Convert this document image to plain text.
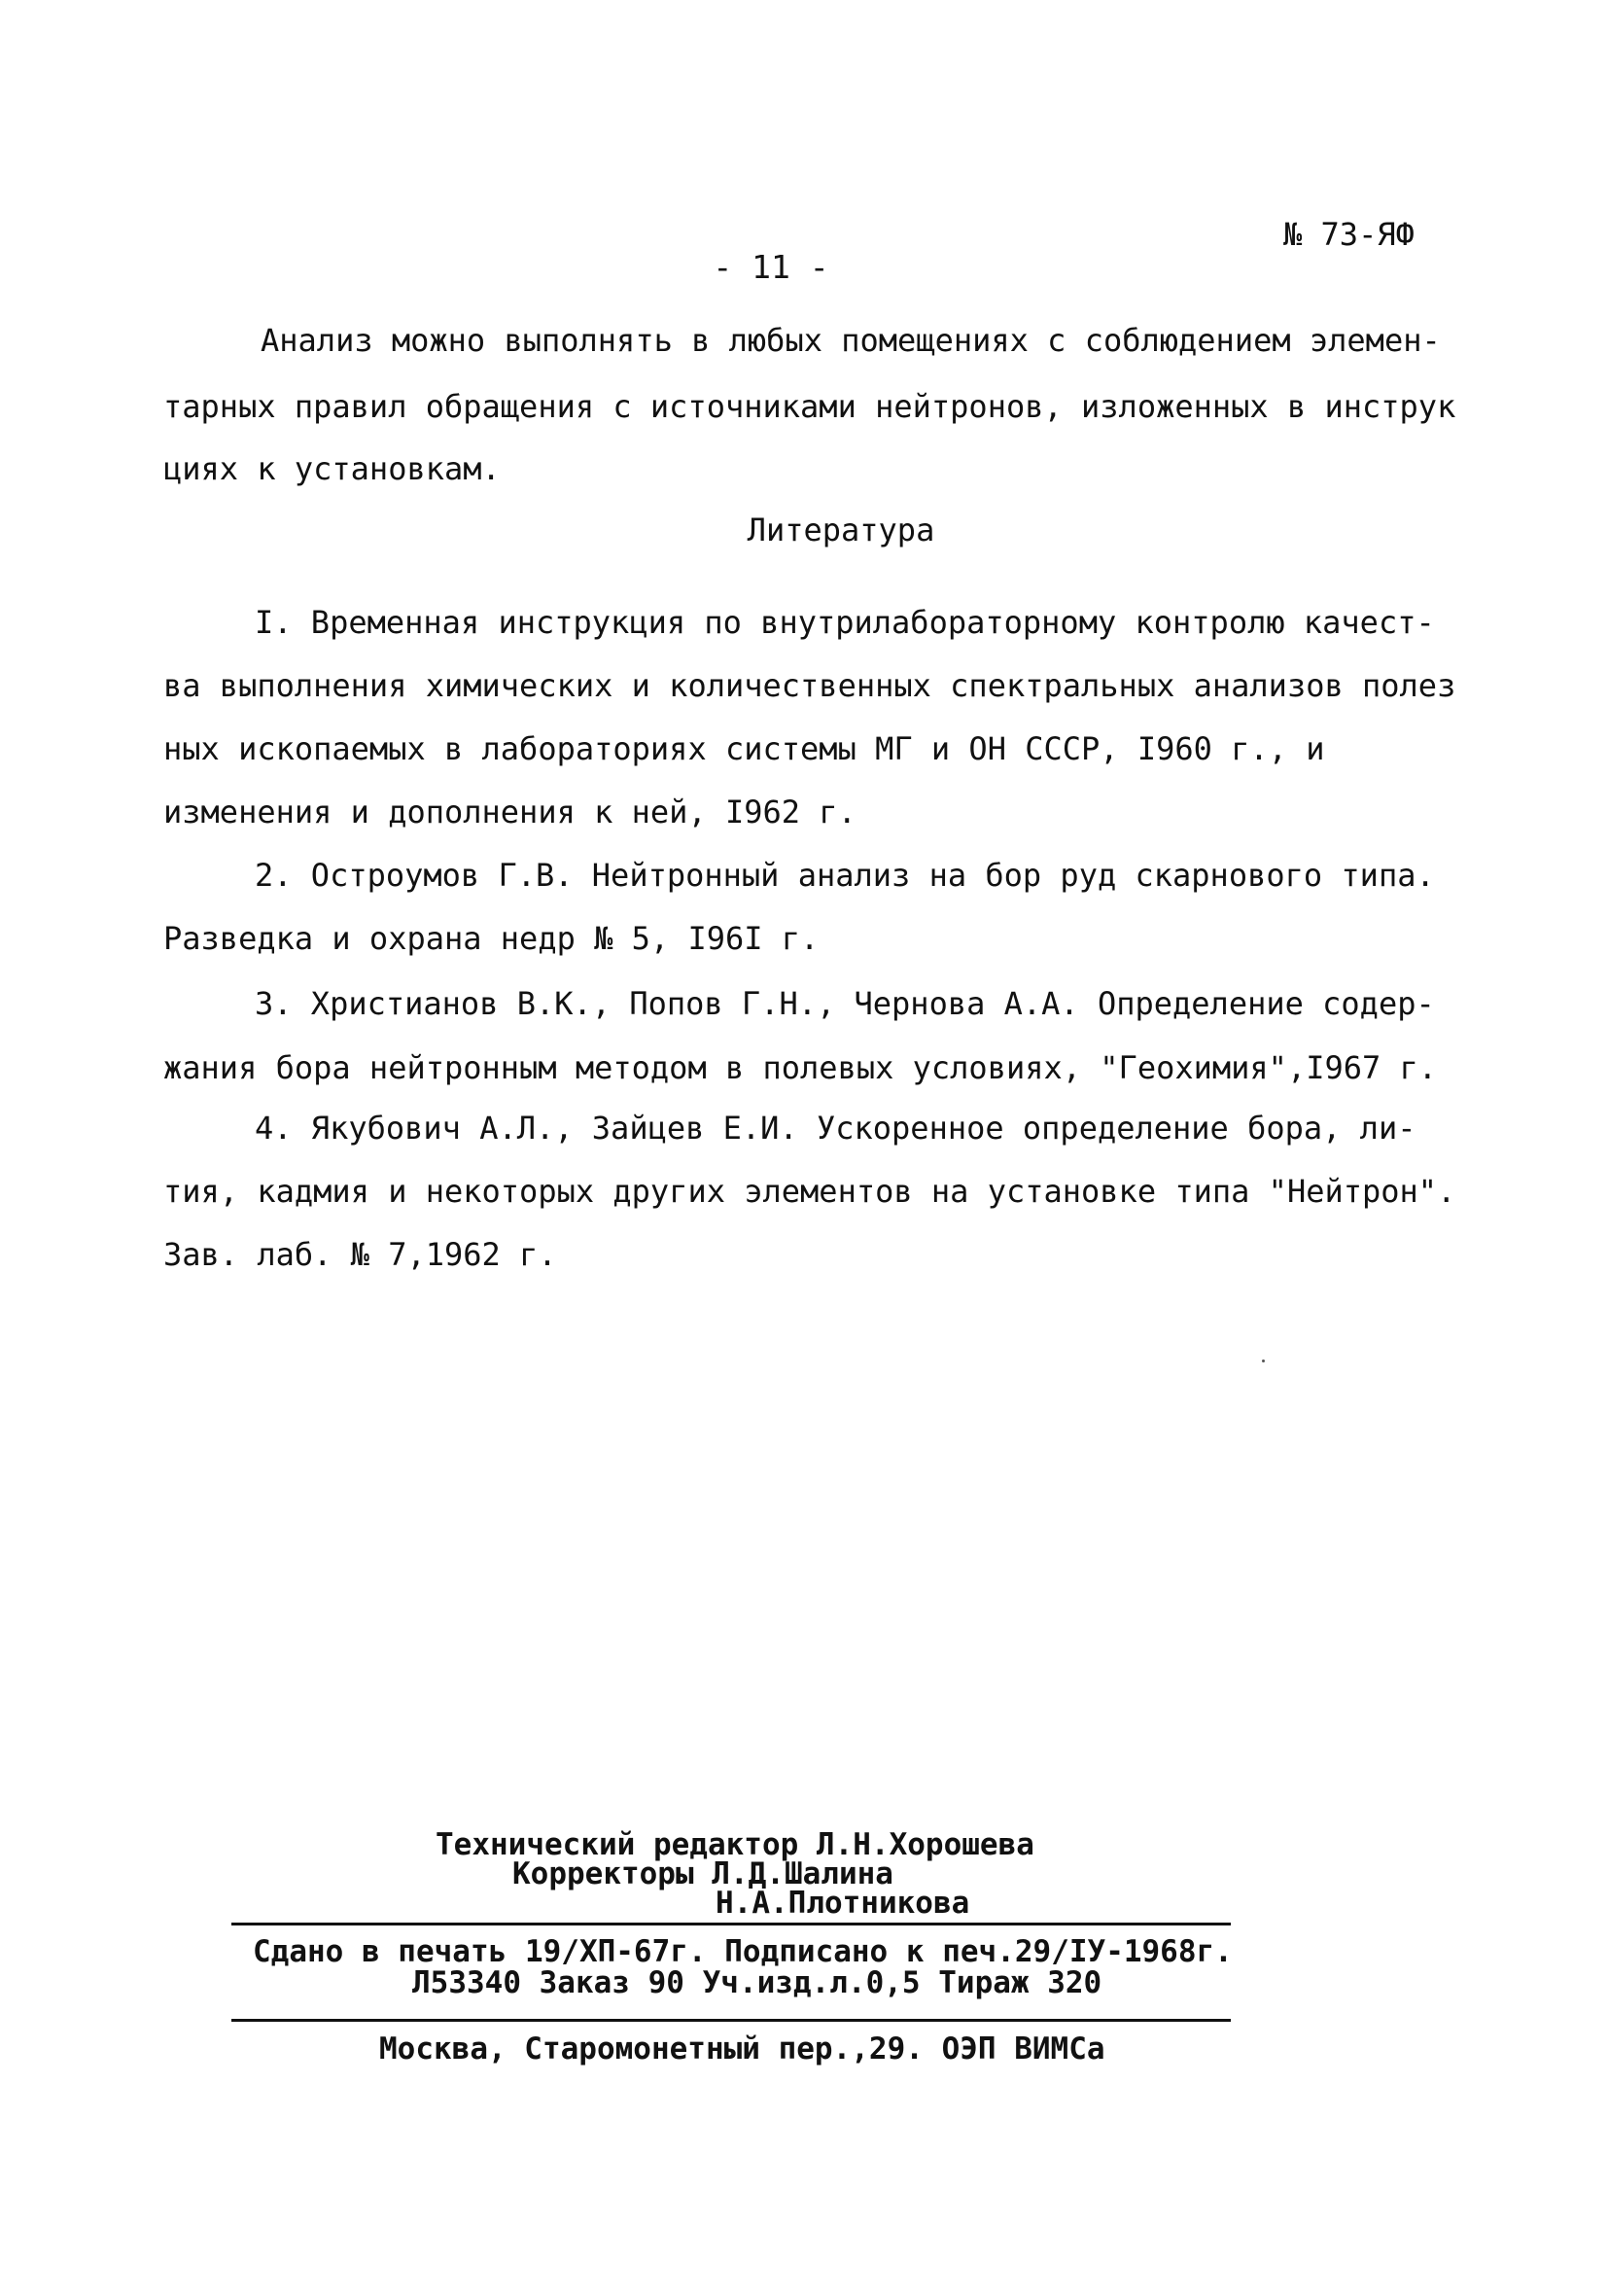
№ 73-ЯФ
- 11 -
Анализ можно выполнять в любых помещениях с соблюдением элемен-
тарных правил обращения с источниками нейтронов, изложенных в инструк
циях к установкам.
Литература
I. Временная инструкция по внутрилабораторному контролю качест-
ва выполнения химических и количественных спектральных анализов полез
ных ископаемых в лабораториях системы МГ и ОН СССР, I960 г., и
изменения и дополнения к ней, I962 г.
2. Остроумов Г.В. Нейтронный анализ на бор руд скарнового типа.
Разведка и охрана недр № 5, I96I г.
3. Христианов В.К., Попов Г.Н., Чернова А.А. Определение содер-
жания бора нейтронным методом в полевых условиях, "Геохимия",I967 г.
4. Якубович А.Л., Зайцев Е.И. Ускоренное определение бора, ли-
тия, кадмия и некоторых других элементов на установке типа "Нейтрон".
Зав. лаб. № 7,1962 г.
Технический редактор Л.Н.Хорошева
Корректоры Л.Д.Шалина
Н.А.Плотникова
Сдано в печать 19/ХП-67г. Подписано к печ.29/IУ-1968г.
Л53340 Заказ 90 Уч.изд.л.0,5 Тираж 320
Москва, Старомонетный пер.,29. ОЭП ВИМСа
